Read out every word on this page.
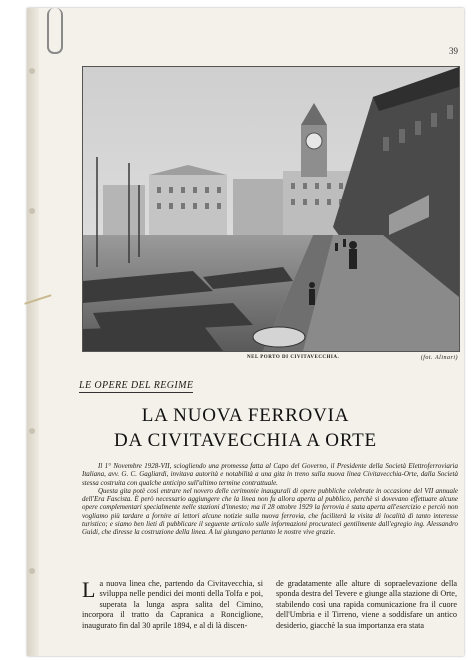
39
NEL PORTO DI CIVITAVECCHIA.	(fot. Alinari)
LE OPERE DEL REGIME
LA NUOVA FERROVIA
DA CIVITAVECCHIA A ORTE

Il 1° Novembre 1928-VII, sciogliendo una promessa fatta al Capo del Governo, il Presidente della Società Elettroferroviaria Italiana, avv. G. C. Gagliardi, invitava autorità e notabilità a una gita in treno sulla nuova linea Civitavecchia-Orte, dalla Società stessa costruita con qualche anticipo sull'ultimo termine contrattuale.

Questa gita potè così entrare nel novero delle cerimonie inaugurali di opere pubbliche celebrate in occasione del VII annuale dell'Era Fascista. È però necessario aggiungere che la linea non fu allora aperta al pubblico, perchè si dovevano effettuare alcune opere complementari specialmente nelle stazioni d'innesto; ma il 28 ottobre 1929 la ferrovia è stata aperta all'esercizio e perciò non vogliamo più tardare a fornire ai lettori alcune notizie sulla nuova ferrovia, che faciliterà la visita di località di tanto interesse turistico; e siamo ben lieti di pubblicare il seguente articolo sulle informazioni procurateci gentilmente dall'egregio ing. Alessandro Guidi, che diresse la costruzione della linea. A lui giungano pertanto le nostre vive grazie.

La nuova linea che, partendo da Civitavecchia, si sviluppa nelle pendici dei monti della Tolfa e poi, superata la lunga aspra salita del Cimino, incorpora il tratto da Capranica a Ronciglione, inaugurato fin dal 30 aprile 1894, e al di là discen-

de gradatamente alle alture di sopraelevazione della sponda destra del Tevere e giunge alla stazione di Orte, stabilendo così una rapida comunicazione fra il cuore dell'Umbria e il Tirreno, viene a soddisfare un antico desiderio, giacchè la sua importanza era stata
